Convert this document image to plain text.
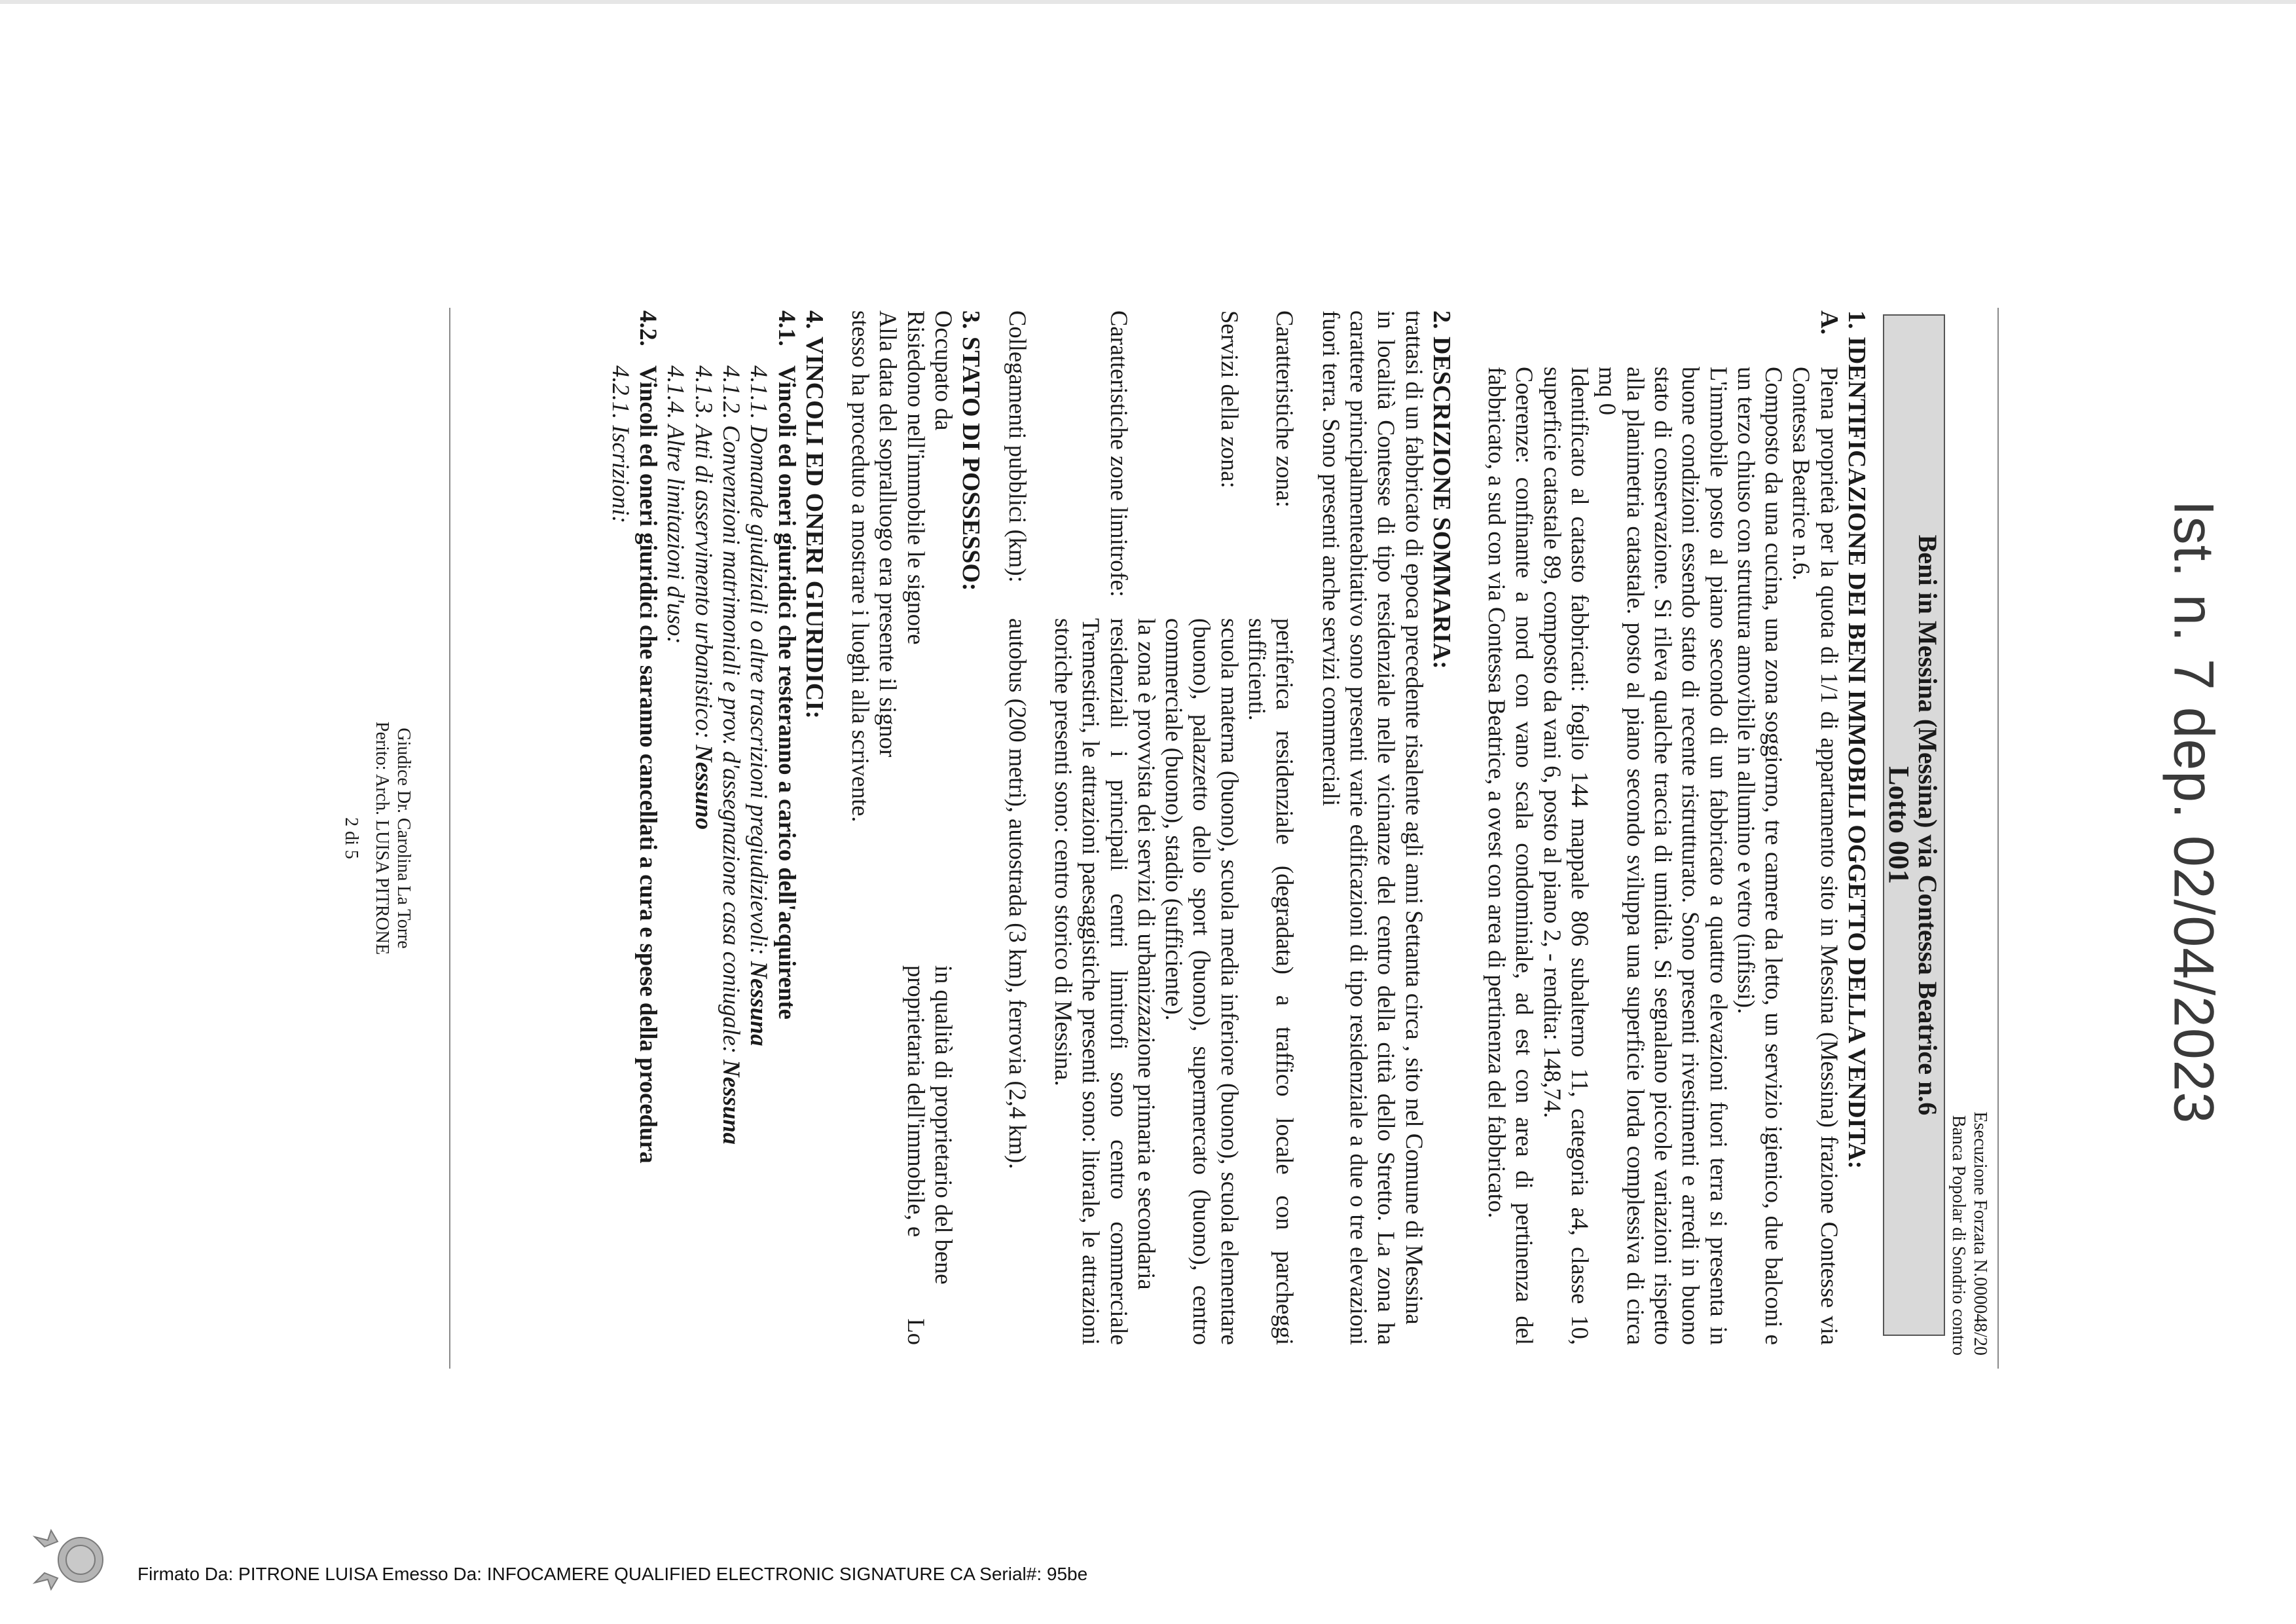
Ist. n. 7 dep. 02/04/2023
Firmato Da: PITRONE LUISA Emesso Da: INFOCAMERE QUALIFIED ELECTRONIC SIGNATURE CA Serial#: 95be
Esecuzione Forzata N.000048/20
Banca Popolar di Sondrio contro
Beni in Messina (Messina) via Contessa Beatrice n.6
Lotto 001
1.IDENTIFICAZIONE DEI BENI IMMOBILI OGGETTO DELLA VENDITA:
A.
Piena proprietà per la quota di 1/1 di appartamento sito in Messina (Messina) frazione Contesse via Contessa Beatrice n.6.
Composto da una cucina, una zona soggiorno, tre camere da letto, un servizio igienico, due balconi e un terzo chiuso con struttura amovibile in allumino e vetro (infissi).
L'immobile posto al piano secondo di un fabbricato a quattro elevazioni fuori terra si presenta in buone condizioni essendo stato di recente ristrutturato. Sono presenti rivestimenti e arredi in buono stato di conservazione. Si rileva qualche traccia di umidità. Si segnalano piccole variazioni rispetto alla planimetria catastale. posto al piano secondo sviluppa una superficie lorda complessiva di circa mq 0
Identificato al catasto fabbricati: foglio 144 mappale 806 subalterno 11, categoria a4, classe 10, superficie catastale 89, composto da vani 6, posto al piano 2, - rendita: 148,74.
Coerenze: confinante a nord con vano scala condominiale, ad est con area di pertinenza del fabbricato, a sud con via Contessa Beatrice, a ovest con area di pertinenza del fabbricato.
2.DESCRIZIONE SOMMARIA:
trattasi di un fabbricato di epoca precedente risalente agli anni Settanta circa , sito nel Comune di Messina
in località Contesse di tipo residenziale nelle vicinanze del centro della città dello Stretto. La zona ha carattere principalmenteabitativo sono presenti varie edificazioni di tipo residenziale a due o tre elevazioni fuori terra. Sono presenti anche servizi commerciali
Caratteristiche zona:
periferica residenziale (degradata) a traffico locale con parcheggi sufficienti.
Servizi della zona:
scuola materna (buono), scuola media inferiore (buono), scuola elementare (buono), palazzetto dello sport (buono), supermercato (buono), centro commerciale (buono), stadio (sufficiente).
la zona è provvista dei servizi di urbanizzazione primaria e secondaria
Caratteristiche zone limitrofe:
residenziali i principali centri limitrofi sono centro commerciale Tremestieri, le attrazioni paesaggistiche presenti sono: litorale, le attrazioni storiche presenti sono: centro storico di Messina.
Collegamenti pubblici (km):
autobus (200 metri), autostrada (3 km), ferrovia (2,4 km).
3.STATO DI POSSESSO:
Occupato da
in qualità di proprietario del bene
Risiedono nell'immobile le signore
proprietaria dell'immobile, e
Lo
Alla data del sopralluogo era presente il signor
stesso ha proceduto a mostrare i luoghi alla scrivente.
4.VINCOLI ED ONERI GIURIDICI:
4.1.Vincoli ed oneri giuridici che resteranno a carico dell'acquirente
4.1.1. Domande giudiziali o altre trascrizioni pregiudizievoli: Nessuna
4.1.2. Convenzioni matrimoniali e prov. d'assegnazione casa coniugale: Nessuna
4.1.3. Atti di asservimento urbanistico: Nessuno
4.1.4. Altre limitazioni d'uso:
4.2.Vincoli ed oneri giuridici che saranno cancellati a cura e spese della procedura
4.2.1. Iscrizioni:
Giudice Dr. Carolina La Torre
Perito: Arch. LUISA PITRONE
2 di 5
